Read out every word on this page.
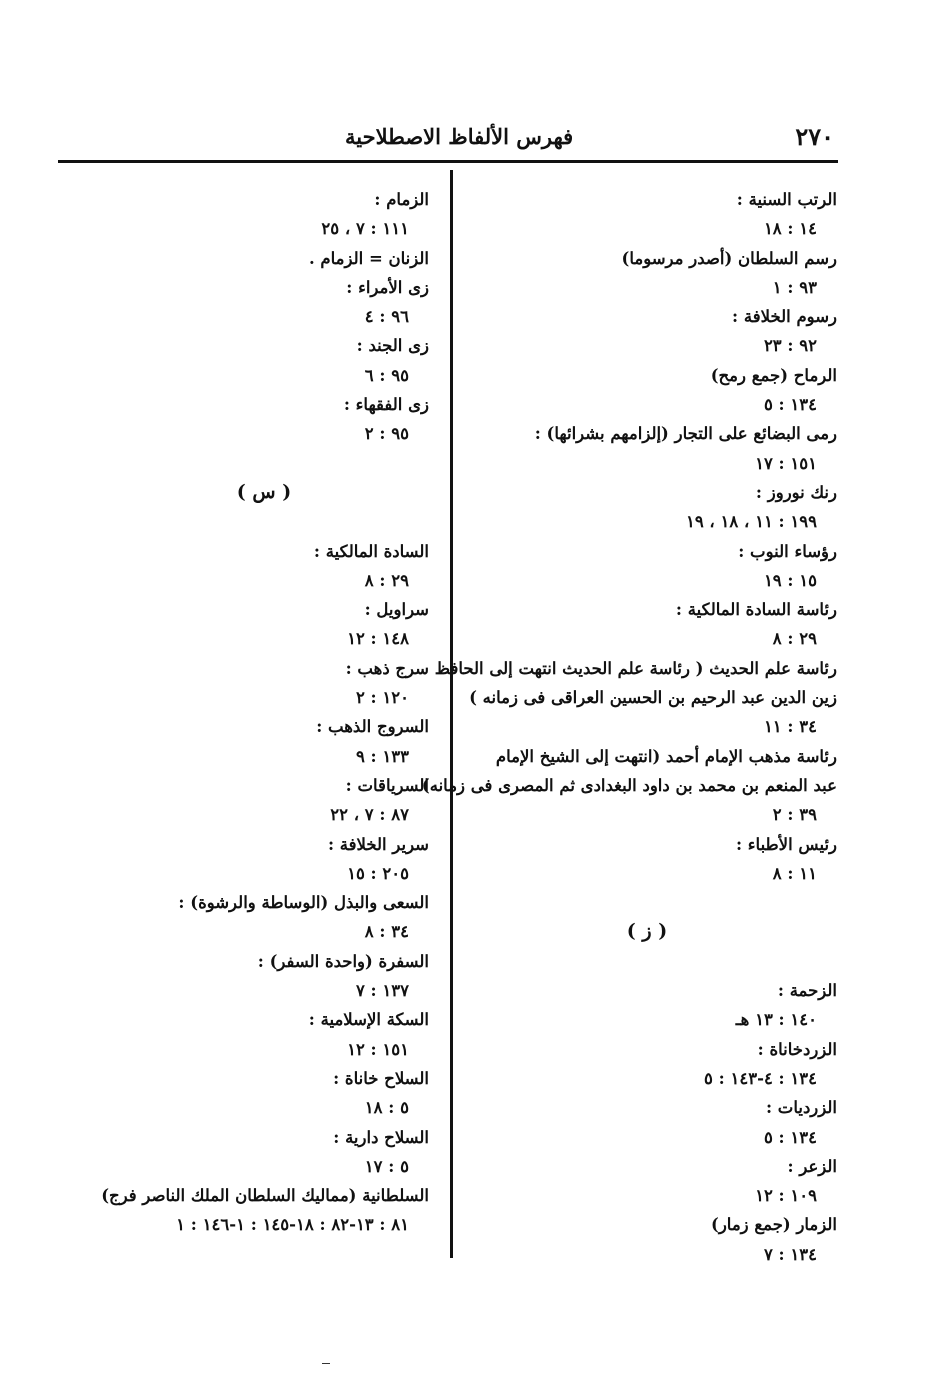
٢٧٠
فهرس الألفاظ الاصطلاحية
الرتب السنية :
١٤ : ١٨
رسم السلطان (أصدر مرسوما)
٩٣ : ١
رسوم الخلافة :
٩٢ : ٢٣
الرماح (جمع رمح)
١٣٤ : ٥
رمى البضائع على التجار (إلزامهم بشرائها) :
١٥١ : ١٧
رنك نوروز :
١٩٩ : ١١ ، ١٨ ، ١٩
رؤساء النوب :
١٥ : ١٩
رئاسة السادة المالكية :
٢٩ : ٨
رئاسة علم الحديث ( رئاسة علم الحديث انتهت إلى الحافظ
زين الدين عبد الرحيم بن الحسين العراقى فى زمانه )
٣٤ : ١١
رئاسة مذهب الإمام أحمد (انتهت إلى الشيخ الإمام
عبد المنعم بن محمد بن داود البغدادى ثم المصرى فى زمانه)
٣٩ : ٢
رئيس الأطباء :
١١ : ٨
( ز )
الزحمة :
١٤٠ : ١٣ هـ
الزردخاناة :
١٣٤ : ٤-١٤٣ : ٥
الزرديات :
١٣٤ : ٥
الزعر :
١٠٩ : ١٢
الزمار (جمع زمار)
١٣٤ : ٧
الزمام :
١١١ : ٧ ، ٢٥
الزنان = الزمام .
زى الأمراء :
٩٦ : ٤
زى الجند :
٩٥ : ٦
زى الفقهاء :
٩٥ : ٢
( س )
السادة المالكية :
٢٩ : ٨
سراويل :
١٤٨ : ١٢
سرج ذهب :
١٢٠ : ٢
السروج الذهب :
١٣٣ : ٩
السرياقات :
٨٧ : ٧ ، ٢٢
سرير الخلافة :
٢٠٥ : ١٥
السعى والبذل (الوساطة والرشوة) :
٣٤ : ٨
السفرة (واحدة السفر) :
١٣٧ : ٧
السكة الإسلامية :
١٥١ : ١٢
السلاح خاناة :
٥ : ١٨
السلاح دارية :
٥ : ١٧
السلطانية (مماليك السلطان الملك الناصر فرج)
٨١ : ١٣-٨٢ : ١٨-١٤٥ : ١-١٤٦ : ١
